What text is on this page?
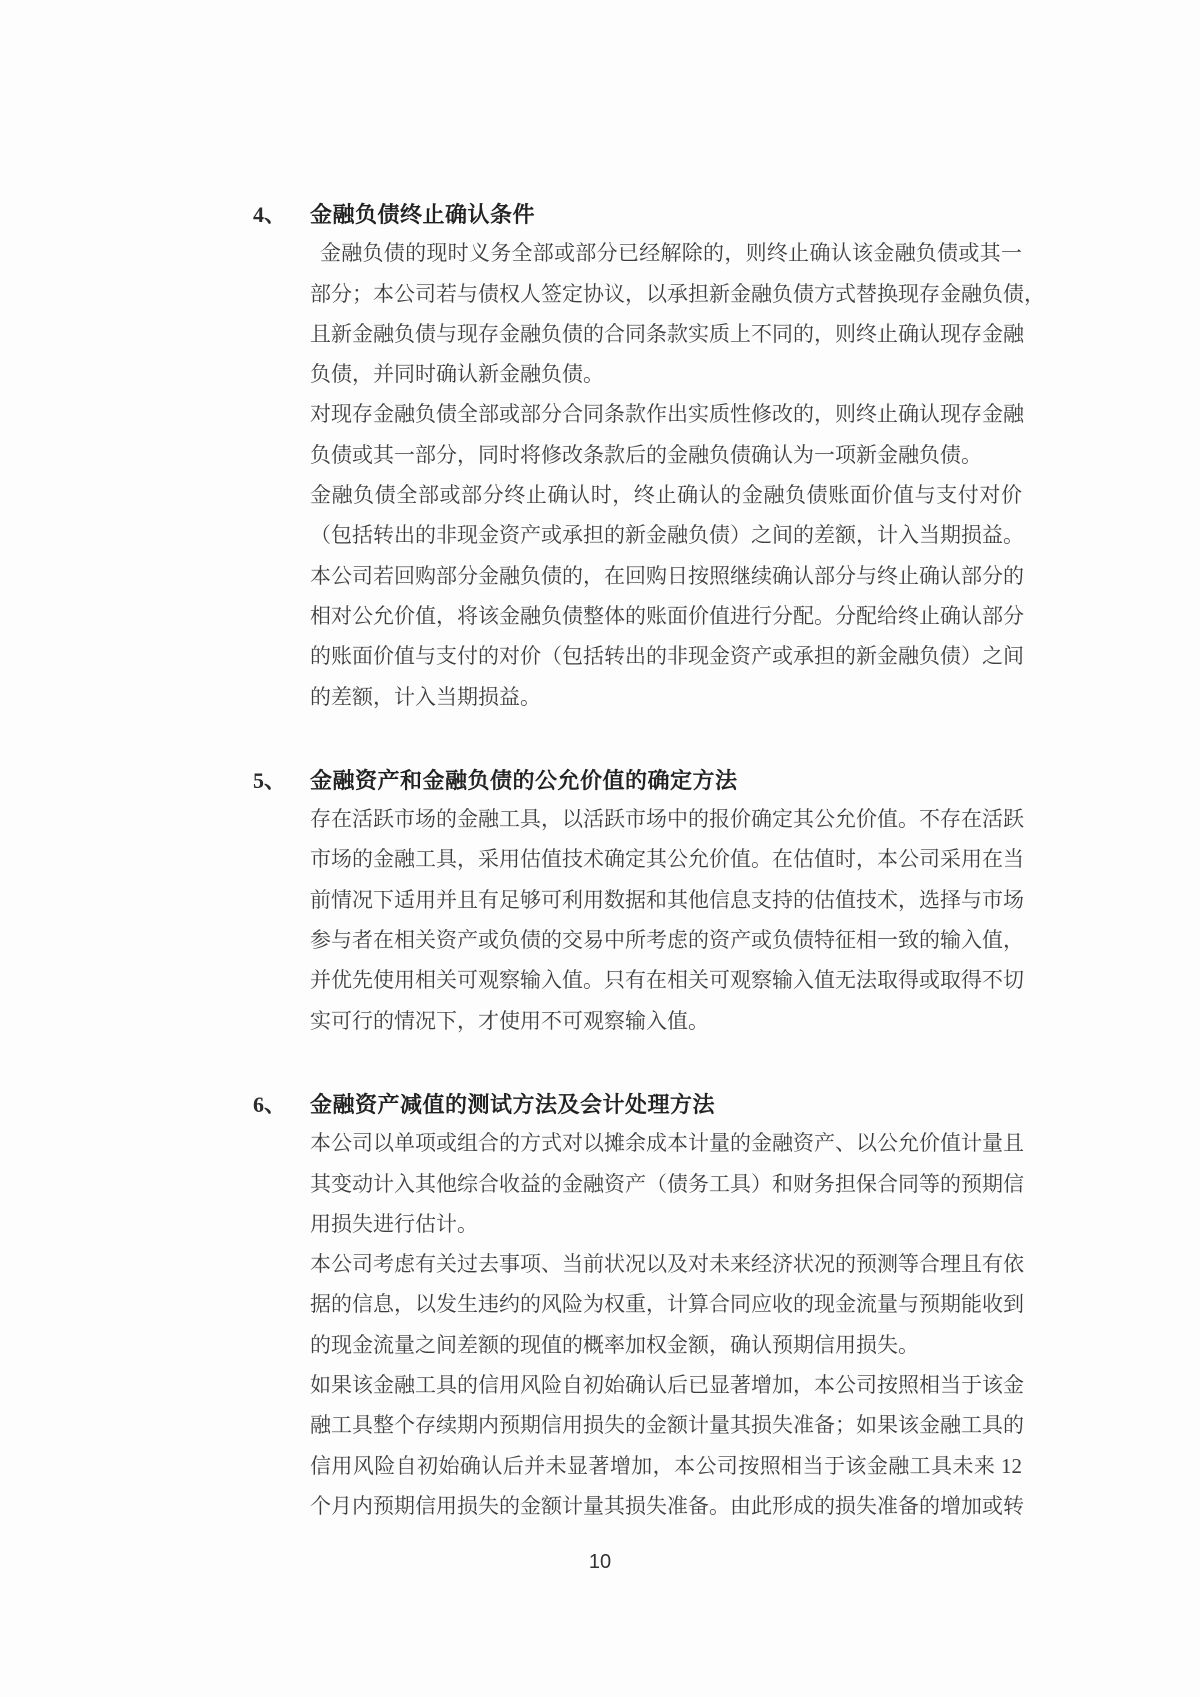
4、	金融负债终止确认条件
金融负债的现时义务全部或部分已经解除的，则终止确认该金融负债或其一
部分；本公司若与债权人签定协议，以承担新金融负债方式替换现存金融负债，
且新金融负债与现存金融负债的合同条款实质上不同的，则终止确认现存金融
负债，并同时确认新金融负债。
对现存金融负债全部或部分合同条款作出实质性修改的，则终止确认现存金融
负债或其一部分，同时将修改条款后的金融负债确认为一项新金融负债。
金融负债全部或部分终止确认时，终止确认的金融负债账面价值与支付对价
（包括转出的非现金资产或承担的新金融负债）之间的差额，计入当期损益。
本公司若回购部分金融负债的，在回购日按照继续确认部分与终止确认部分的
相对公允价值，将该金融负债整体的账面价值进行分配。分配给终止确认部分
的账面价值与支付的对价（包括转出的非现金资产或承担的新金融负债）之间
的差额，计入当期损益。
5、	金融资产和金融负债的公允价值的确定方法
存在活跃市场的金融工具，以活跃市场中的报价确定其公允价值。不存在活跃
市场的金融工具，采用估值技术确定其公允价值。在估值时，本公司采用在当
前情况下适用并且有足够可利用数据和其他信息支持的估值技术，选择与市场
参与者在相关资产或负债的交易中所考虑的资产或负债特征相一致的输入值，
并优先使用相关可观察输入值。只有在相关可观察输入值无法取得或取得不切
实可行的情况下，才使用不可观察输入值。
6、	金融资产减值的测试方法及会计处理方法
本公司以单项或组合的方式对以摊余成本计量的金融资产、以公允价值计量且
其变动计入其他综合收益的金融资产（债务工具）和财务担保合同等的预期信
用损失进行估计。
本公司考虑有关过去事项、当前状况以及对未来经济状况的预测等合理且有依
据的信息，以发生违约的风险为权重，计算合同应收的现金流量与预期能收到
的现金流量之间差额的现值的概率加权金额，确认预期信用损失。
如果该金融工具的信用风险自初始确认后已显著增加，本公司按照相当于该金
融工具整个存续期内预期信用损失的金额计量其损失准备；如果该金融工具的
信用风险自初始确认后并未显著增加，本公司按照相当于该金融工具未来 12
个月内预期信用损失的金额计量其损失准备。由此形成的损失准备的增加或转
10
